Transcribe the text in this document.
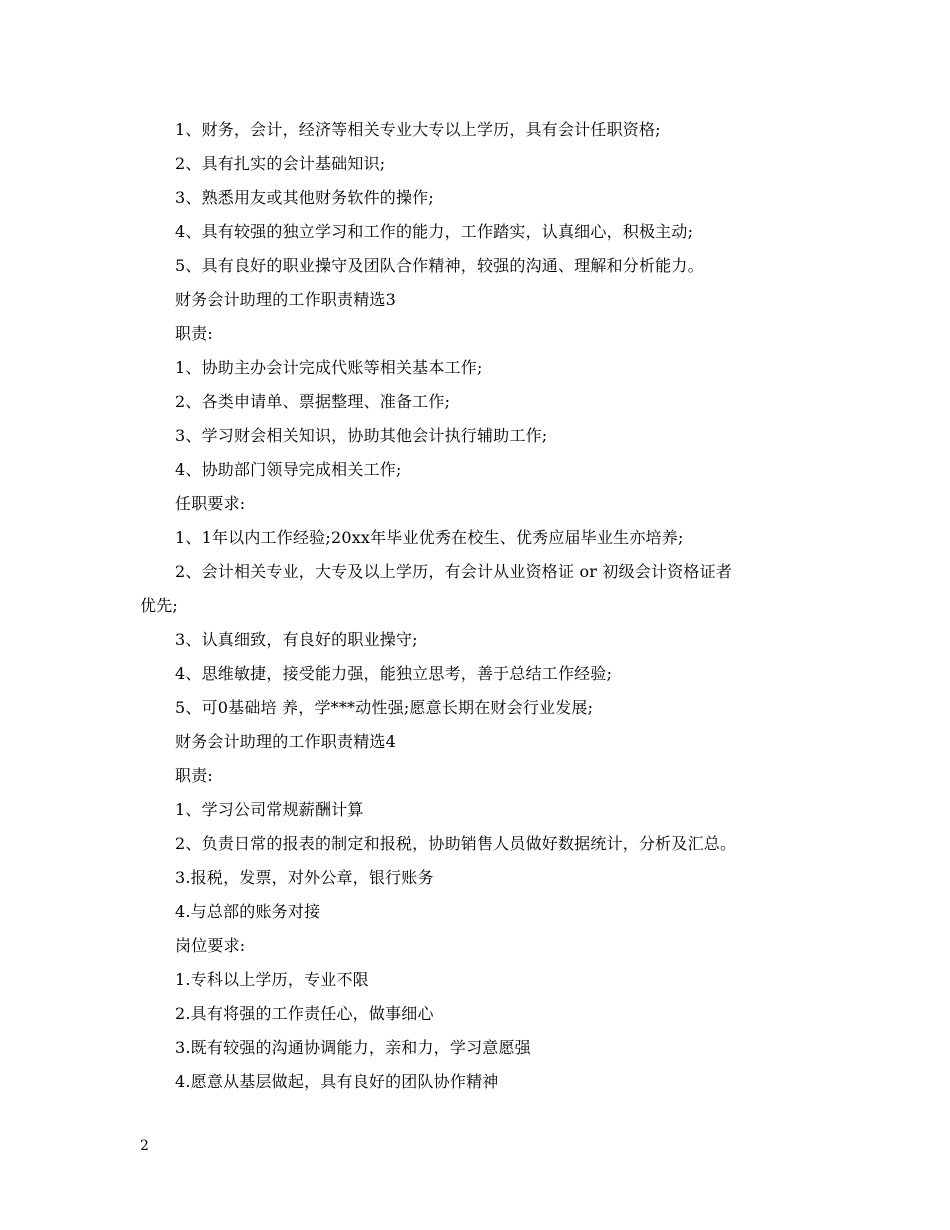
1、财务，会计，经济等相关专业大专以上学历，具有会计任职资格;
2、具有扎实的会计基础知识;
3、熟悉用友或其他财务软件的操作;
4、具有较强的独立学习和工作的能力，工作踏实，认真细心，积极主动;
5、具有良好的职业操守及团队合作精神，较强的沟通、理解和分析能力。
财务会计助理的工作职责精选3
职责:
1、协助主办会计完成代账等相关基本工作;
2、各类申请单、票据整理、准备工作;
3、学习财会相关知识，协助其他会计执行辅助工作;
4、协助部门领导完成相关工作;
任职要求:
1、1年以内工作经验;20xx年毕业优秀在校生、优秀应届毕业生亦培养;
2、会计相关专业，大专及以上学历，有会计从业资格证 or 初级会计资格证者
优先;
3、认真细致，有良好的职业操守;
4、思维敏捷，接受能力强，能独立思考，善于总结工作经验;
5、可0基础培 养，学***动性强;愿意长期在财会行业发展;
财务会计助理的工作职责精选4
职责:
1、学习公司常规薪酬计算
2、负责日常的报表的制定和报税，协助销售人员做好数据统计，分析及汇总。
3.报税，发票，对外公章，银行账务
4.与总部的账务对接
岗位要求:
1.专科以上学历，专业不限
2.具有将强的工作责任心，做事细心
3.既有较强的沟通协调能力，亲和力，学习意愿强
4.愿意从基层做起，具有良好的团队协作精神
2
